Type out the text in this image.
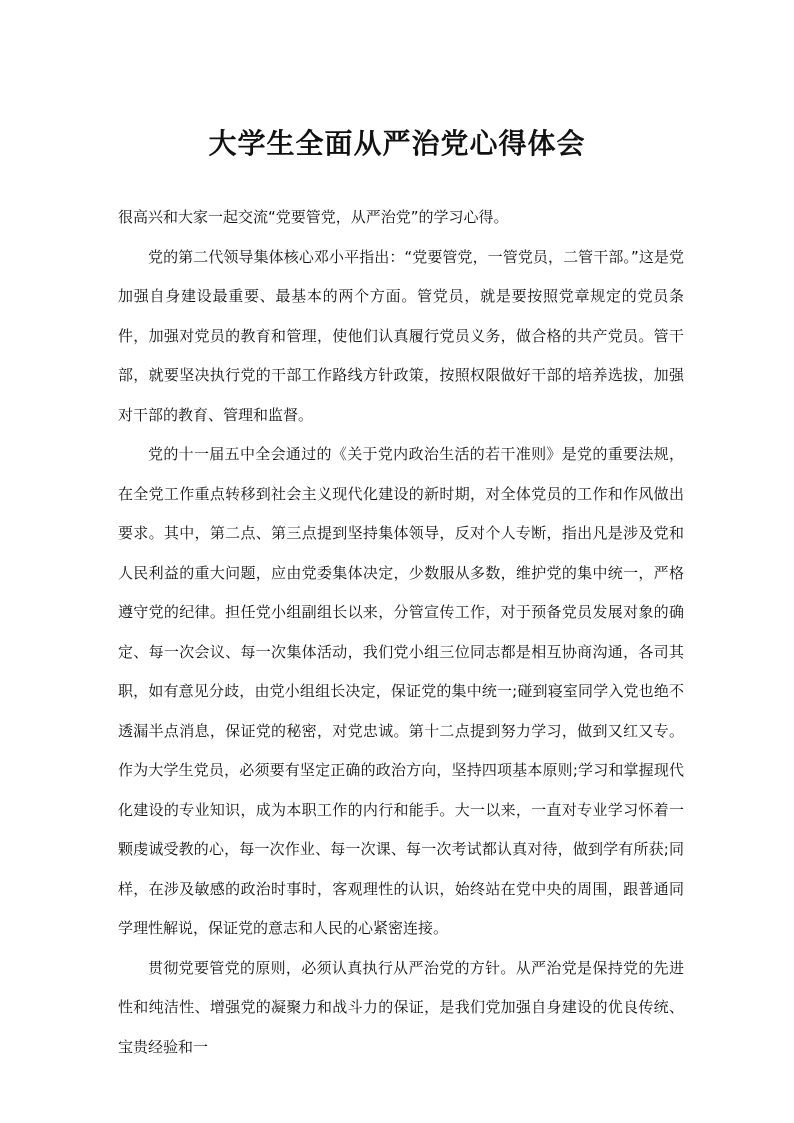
大学生全面从严治党心得体会

很高兴和大家一起交流“党要管党，从严治党”的学习心得。

党的第二代领导集体核心邓小平指出：“党要管党，一管党员，二管干部。”这是党加强自身建设最重要、最基本的两个方面。管党员，就是要按照党章规定的党员条件，加强对党员的教育和管理，使他们认真履行党员义务，做合格的共产党员。管干部，就要坚决执行党的干部工作路线方针政策，按照权限做好干部的培养选拔，加强对干部的教育、管理和监督。

党的十一届五中全会通过的《关于党内政治生活的若干准则》是党的重要法规，在全党工作重点转移到社会主义现代化建设的新时期，对全体党员的工作和作风做出要求。其中，第二点、第三点提到坚持集体领导，反对个人专断，指出凡是涉及党和人民利益的重大问题，应由党委集体决定，少数服从多数，维护党的集中统一，严格遵守党的纪律。担任党小组副组长以来，分管宣传工作，对于预备党员发展对象的确定、每一次会议、每一次集体活动，我们党小组三位同志都是相互协商沟通，各司其职，如有意见分歧，由党小组组长决定，保证党的集中统一;碰到寝室同学入党也绝不透漏半点消息，保证党的秘密，对党忠诚。第十二点提到努力学习，做到又红又专。作为大学生党员，必须要有坚定正确的政治方向，坚持四项基本原则;学习和掌握现代化建设的专业知识，成为本职工作的内行和能手。大一以来，一直对专业学习怀着一颗虔诚受教的心，每一次作业、每一次课、每一次考试都认真对待，做到学有所获;同样，在涉及敏感的政治时事时，客观理性的认识，始终站在党中央的周围，跟普通同学理性解说，保证党的意志和人民的心紧密连接。

贯彻党要管党的原则，必须认真执行从严治党的方针。从严治党是保持党的先进性和纯洁性、增强党的凝聚力和战斗力的保证，是我们党加强自身建设的优良传统、宝贵经验和一
